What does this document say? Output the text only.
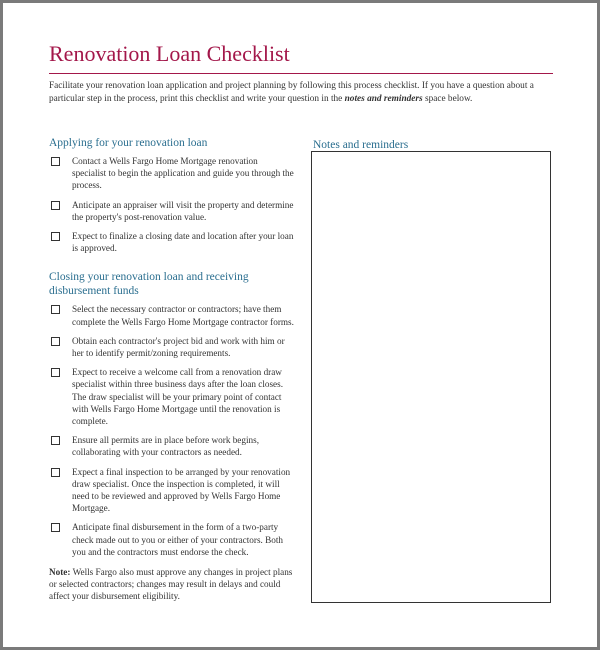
Renovation Loan Checklist
Facilitate your renovation loan application and project planning by following this process checklist. If you have a question about a particular step in the process, print this checklist and write your question in the notes and reminders space below.
Applying for your renovation loan
Contact a Wells Fargo Home Mortgage renovation specialist to begin the application and guide you through the process.
Anticipate an appraiser will visit the property and determine the property's post-renovation value.
Expect to finalize a closing date and location after your loan is approved.
Closing your renovation loan and receiving disbursement funds
Select the necessary contractor or contractors; have them complete the Wells Fargo Home Mortgage contractor forms.
Obtain each contractor's project bid and work with him or her to identify permit/zoning requirements.
Expect to receive a welcome call from a renovation draw specialist within three business days after the loan closes. The draw specialist will be your primary point of contact with Wells Fargo Home Mortgage until the renovation is complete.
Ensure all permits are in place before work begins, collaborating with your contractors as needed.
Expect a final inspection to be arranged by your renovation draw specialist. Once the inspection is completed, it will need to be reviewed and approved by Wells Fargo Home Mortgage.
Anticipate final disbursement in the form of a two-party check made out to you or either of your contractors. Both you and the contractors must endorse the check.
Note: Wells Fargo also must approve any changes in project plans or selected contractors; changes may result in delays and could affect your disbursement eligibility.
Notes and reminders
